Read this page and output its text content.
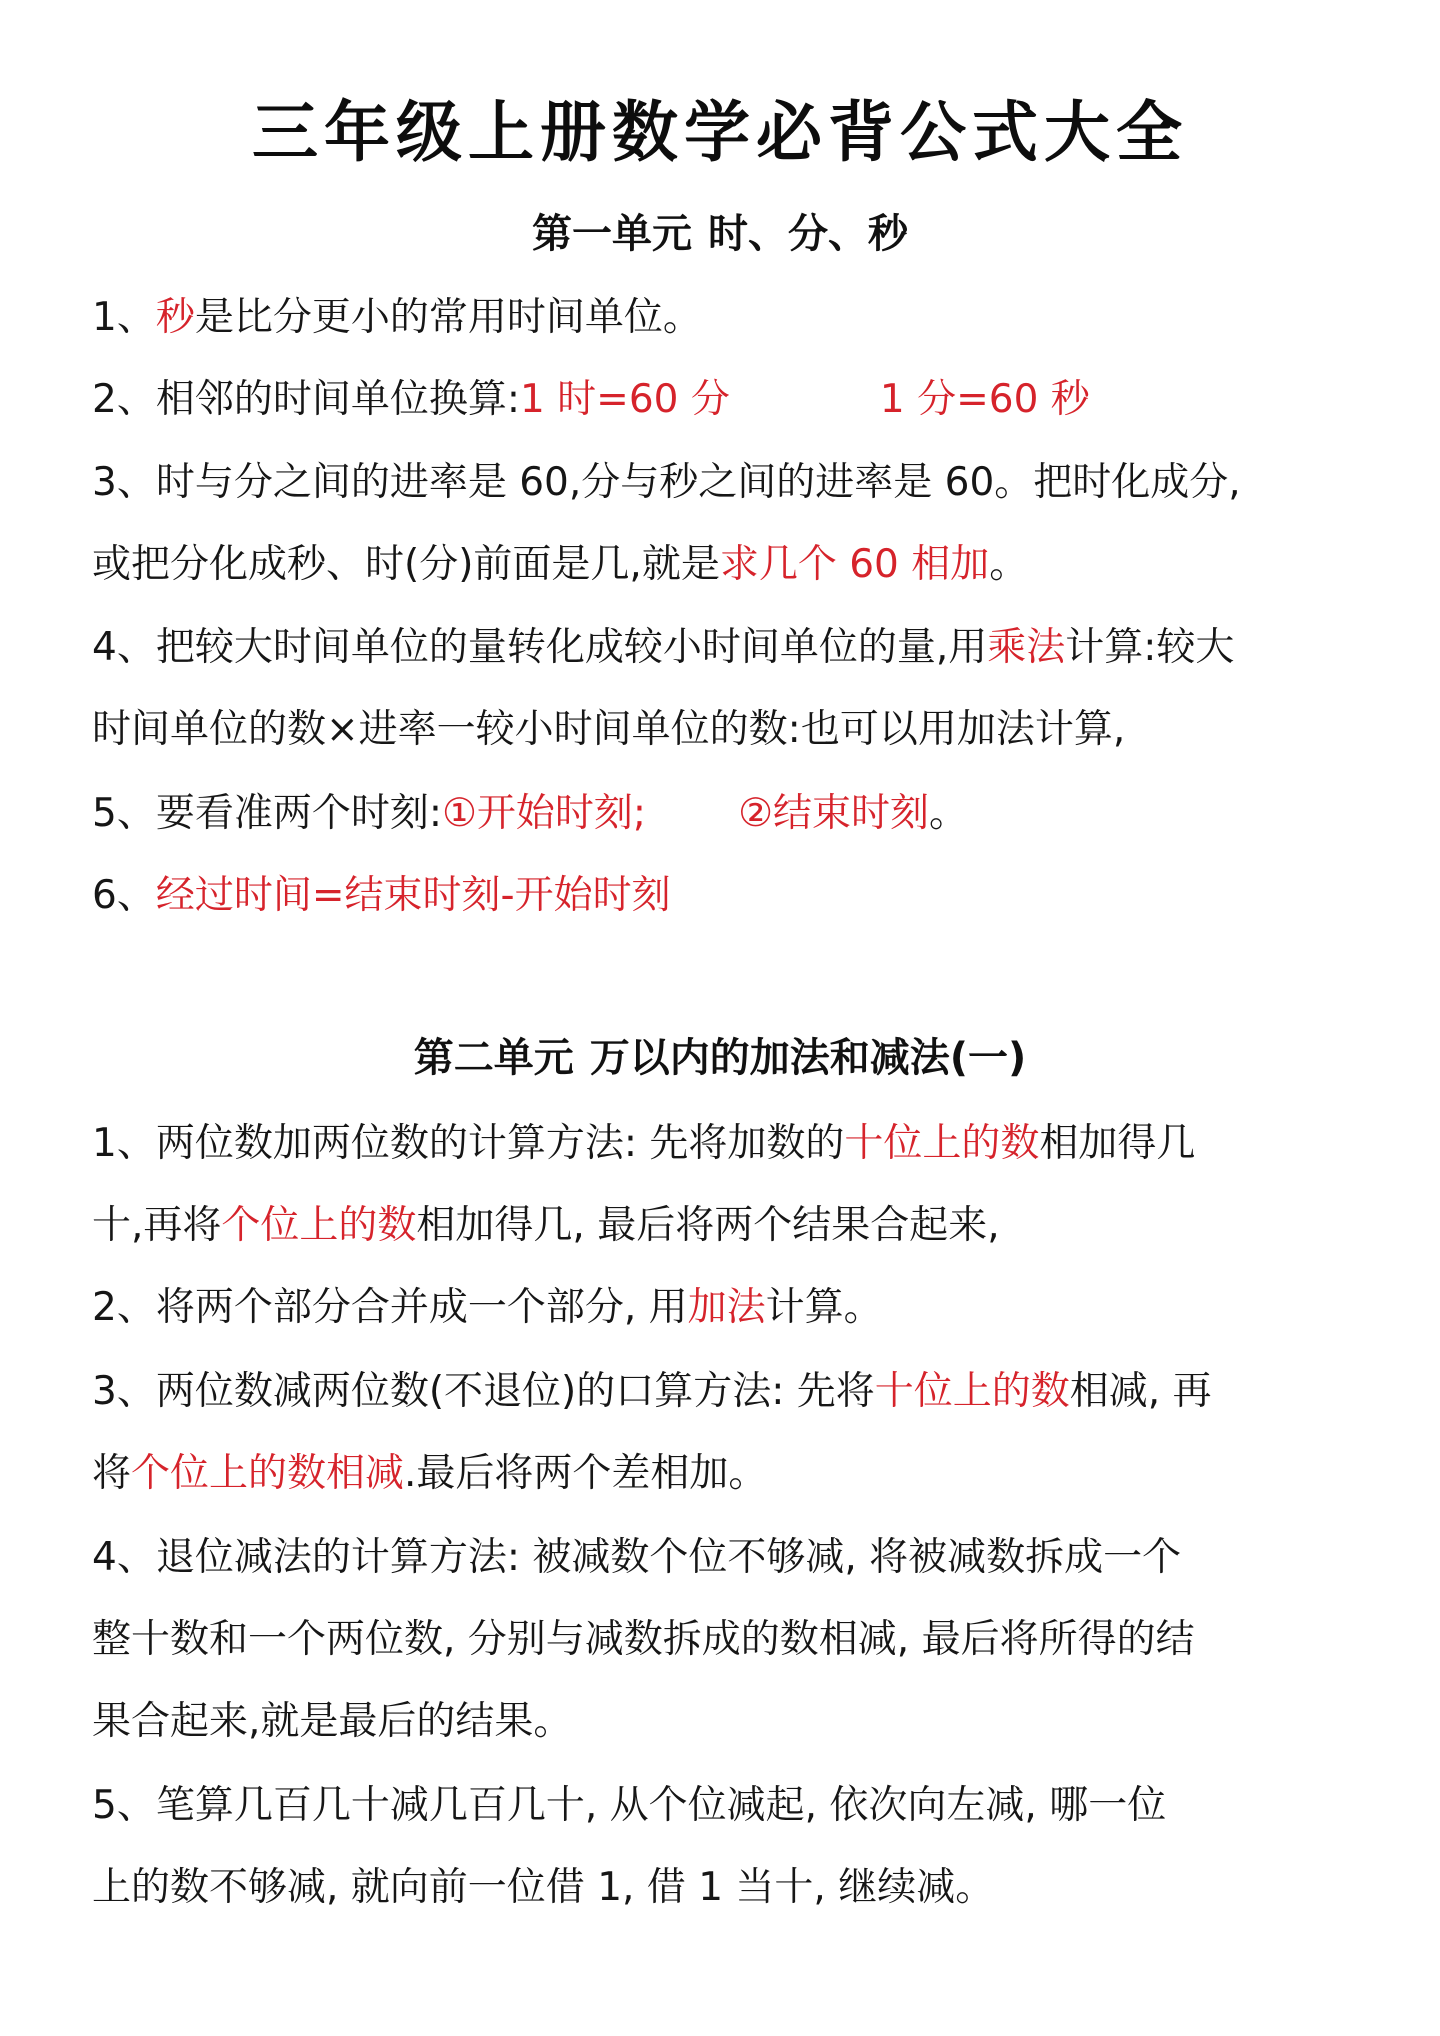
三年级上册数学必背公式大全
第一单元 时、分、秒
1、秒是比分更小的常用时间单位。
2、相邻的时间单位换算:1 时=60 分	1 分=60 秒
3、时与分之间的进率是 60,分与秒之间的进率是 60。把时化成分,
或把分化成秒、时(分)前面是几,就是求几个 60 相加。
4、把较大时间单位的量转化成较小时间单位的量,用乘法计算:较大
时间单位的数×进率一较小时间单位的数:也可以用加法计算,
5、要看准两个时刻:①开始时刻; ②结束时刻。
6、经过时间=结束时刻-开始时刻
第二单元 万以内的加法和减法(一)
1、两位数加两位数的计算方法: 先将加数的十位上的数相加得几
十,再将个位上的数相加得几, 最后将两个结果合起来,
2、将两个部分合并成一个部分, 用加法计算。
3、两位数减两位数(不退位)的口算方法: 先将十位上的数相减, 再
将个位上的数相减.最后将两个差相加。
4、退位减法的计算方法: 被减数个位不够减, 将被减数拆成一个
整十数和一个两位数, 分别与减数拆成的数相减, 最后将所得的结
果合起来,就是最后的结果。
5、笔算几百几十减几百几十, 从个位减起, 依次向左减, 哪一位
上的数不够减, 就向前一位借 1, 借 1 当十, 继续减。
